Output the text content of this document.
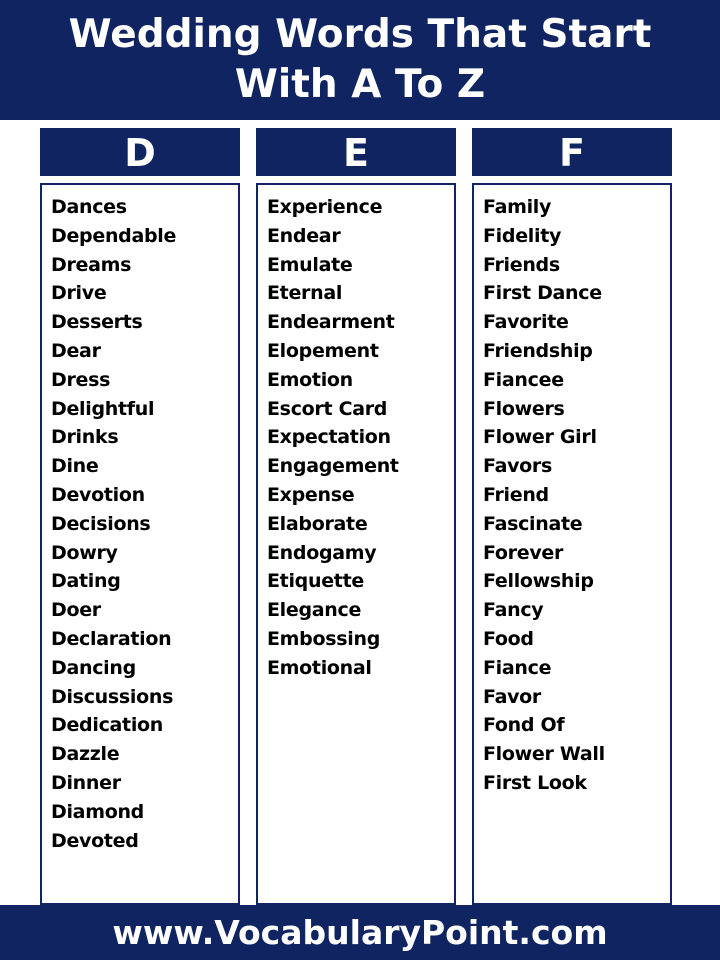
Wedding Words That Start
With A To Z
D
Dances
Dependable
Dreams
Drive
Desserts
Dear
Dress
Delightful
Drinks
Dine
Devotion
Decisions
Dowry
Dating
Doer
Declaration
Dancing
Discussions
Dedication
Dazzle
Dinner
Diamond
Devoted
E
Experience
Endear
Emulate
Eternal
Endearment
Elopement
Emotion
Escort Card
Expectation
Engagement
Expense
Elaborate
Endogamy
Etiquette
Elegance
Embossing
Emotional
F
Family
Fidelity
Friends
First Dance
Favorite
Friendship
Fiancee
Flowers
Flower Girl
Favors
Friend
Fascinate
Forever
Fellowship
Fancy
Food
Fiance
Favor
Fond Of
Flower Wall
First Look
www.VocabularyPoint.com
